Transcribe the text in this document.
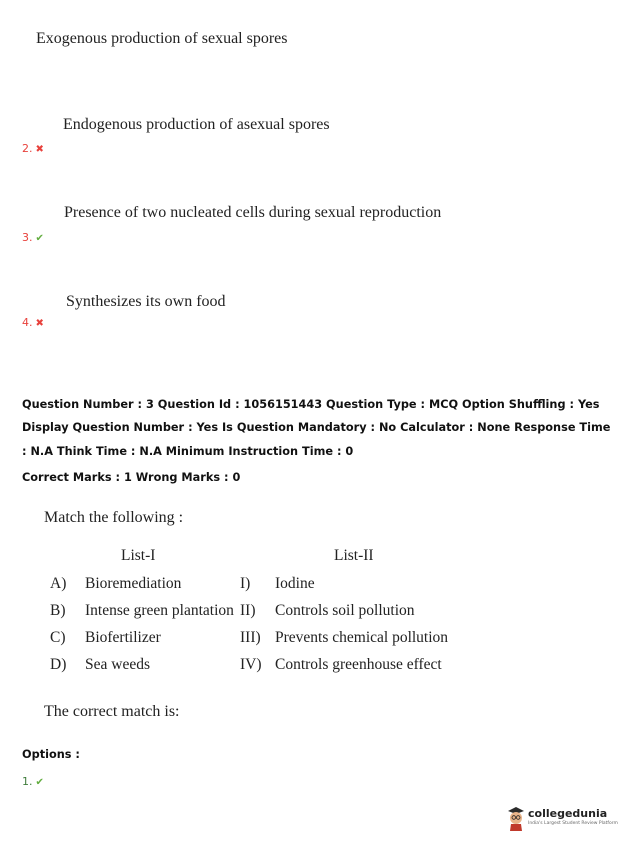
Exogenous production of sexual spores
Endogenous production of asexual spores
2. ✖
Presence of two nucleated cells during sexual reproduction
3. ✔
Synthesizes its own food
4. ✖
Question Number : 3 Question Id : 1056151443 Question Type : MCQ Option Shuffling : Yes
Display Question Number : Yes Is Question Mandatory : No Calculator : None Response Time
: N.A Think Time : N.A Minimum Instruction Time : 0
Correct Marks : 1 Wrong Marks : 0
Match the following :
List-I	List-II
A) Bioremediation	I) Iodine
B) Intense green plantation II) Controls soil pollution
C) Biofertilizer	III) Prevents chemical pollution
D) Sea weeds	IV) Controls greenhouse effect
The correct match is:
Options :
1. ✔
collegedunia
India's Largest Student Review Platform
